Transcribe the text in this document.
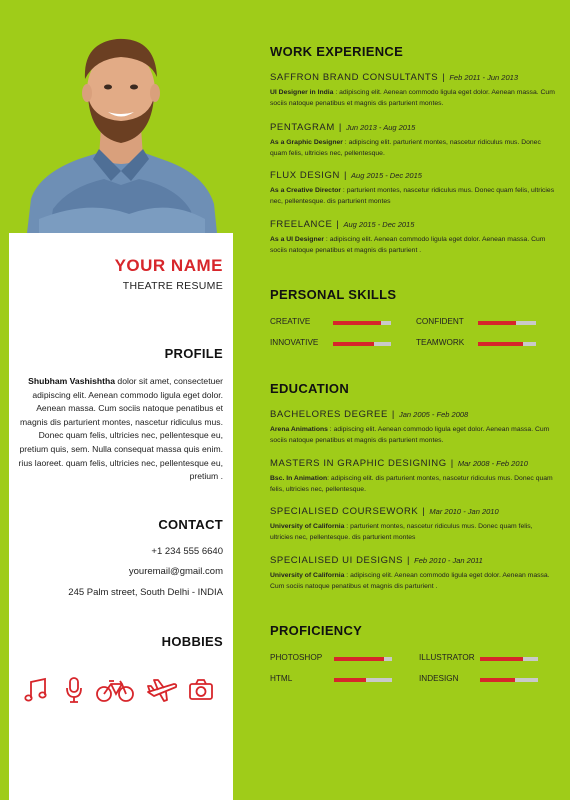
YOUR NAME
THEATRE RESUME
PROFILE
Shubham Vashishtha dolor sit amet, consectetuer adipiscing elit. Aenean commodo ligula eget dolor. Aenean massa. Cum sociis natoque penatibus et magnis dis parturient montes, nascetur ridiculus mus. Donec quam felis, ultricies nec, pellentesque eu, pretium quis, sem. Nulla consequat massa quis enim. rius laoreet. quam felis, ultricies nec, pellentesque eu, pretium .
CONTACT
+1 234 555 6640
youremail@gmail.com
245 Palm street, South Delhi - INDIA
HOBBIES
WORK EXPERIENCE
SAFFRON BRAND CONSULTANTS | Feb 2011 - Jun 2013
UI Designer in India : adipiscing elit. Aenean commodo ligula eget dolor. Aenean massa. Cum sociis natoque penatibus et magnis dis parturient montes.
PENTAGRAM | Jun 2013 - Aug 2015
As a Graphic Designer : adipiscing elit. parturient montes, nascetur ridiculus mus. Donec quam felis, ultricies nec, pellentesque.
FLUX DESIGN | Aug 2015 - Dec 2015
As a Creative Director : parturient montes, nascetur ridiculus mus. Donec quam felis, ultricies nec, pellentesque. dis parturient montes
FREELANCE | Aug 2015 - Dec 2015
As a UI Designer : adipiscing elit. Aenean commodo ligula eget dolor. Aenean massa. Cum sociis natoque penatibus et magnis dis parturient .
PERSONAL SKILLS
CREATIVE	CONFIDENT
INNOVATIVE	TEAMWORK
EDUCATION
BACHELORES DEGREE | Jan 2005 - Feb 2008
Arena Animations : adipiscing elit. Aenean commodo ligula eget dolor. Aenean massa. Cum sociis natoque penatibus et magnis dis parturient montes.
MASTERS IN GRAPHIC DESIGNING | Mar 2008 - Feb 2010
Bsc. In Animation: adipiscing elit. dis parturient montes, nascetur ridiculus mus. Donec quam felis, ultricies nec, pellentesque.
SPECIALISED COURSEWORK | Mar 2010 - Jan 2010
University of California : parturient montes, nascetur ridiculus mus. Donec quam felis, ultricies nec, pellentesque. dis parturient montes
SPECIALISED UI DESIGNS | Feb 2010 - Jan 2011
University of California : adipiscing elit. Aenean commodo ligula eget dolor. Aenean massa. Cum sociis natoque penatibus et magnis dis parturient .
PROFICIENCY
PHOTOSHOP	ILLUSTRATOR
HTML	INDESIGN
